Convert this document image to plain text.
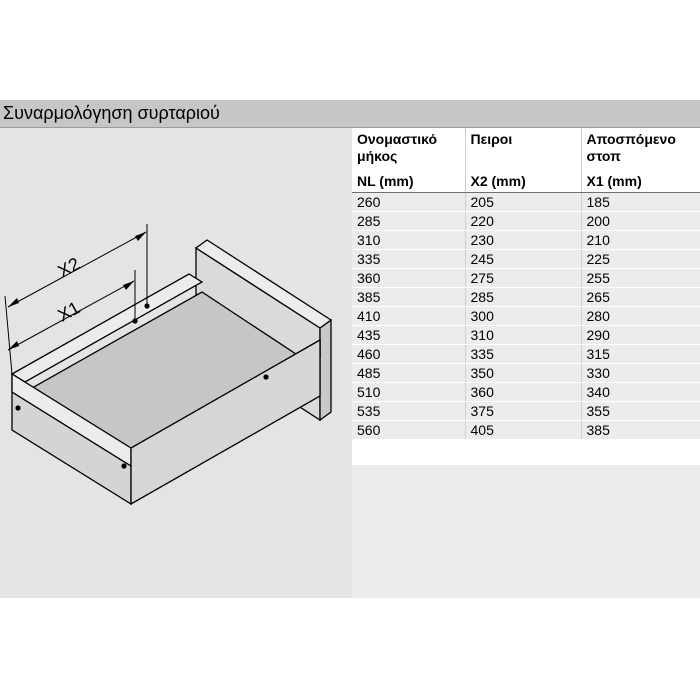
Συναρμολόγηση συρταριού
X2
X1
Ονομαστικό μήκος	Πειροι	Αποσπόμενο στοπ
NL (mm)	X2 (mm)	X1 (mm)
260	205	185
285	220	200
310	230	210
335	245	225
360	275	255
385	285	265
410	300	280
435	310	290
460	335	315
485	350	330
510	360	340
535	375	355
560	405	385
